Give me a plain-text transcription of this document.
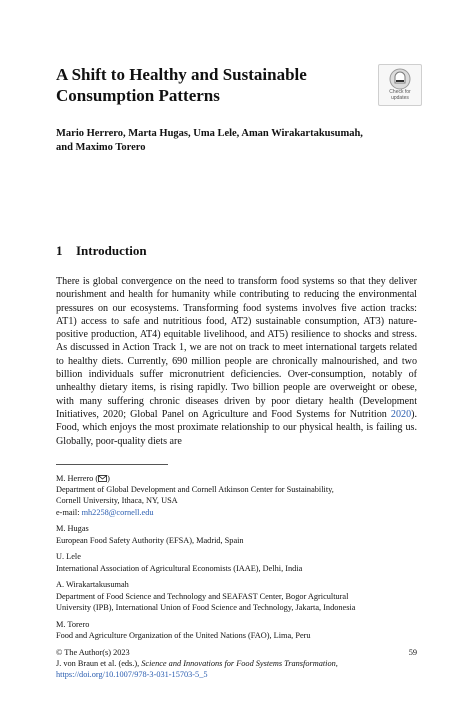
A Shift to Healthy and Sustainable
Consumption Patterns	Check for
updates
Mario Herrero, Marta Hugas, Uma Lele, Aman Wirakartakusumah,
and Maximo Torero
1 Introduction

There is global convergence on the need to transform food systems so that they deliver nourishment and health for humanity while contributing to reducing the environmental pressures on our ecosystems. Transforming food systems involves five action tracks: AT1) access to safe and nutritious food, AT2) sustainable consumption, AT3) nature-positive production, AT4) equitable livelihood, and AT5) resilience to shocks and stress. As discussed in Action Track 1, we are not on track to meet international targets related to healthy diets. Currently, 690 million people are chronically malnourished, and two billion individuals suffer micronutrient deficiencies. Over-consumption, notably of unhealthy dietary items, is rising rapidly. Two billion people are overweight or obese, with many suffering chronic diseases driven by poor dietary health (Development Initiatives, 2020; Global Panel on Agriculture and Food Systems for Nutrition 2020). Food, which enjoys the most proximate relationship to our physical health, is failing us. Globally, poor-quality diets are

M. Herrero ( )
Department of Global Development and Cornell Atkinson Center for Sustainability,
Cornell University, Ithaca, NY, USA
e-mail: mh2258@cornell.edu
M. Hugas
European Food Safety Authority (EFSA), Madrid, Spain
U. Lele
International Association of Agricultural Economists (IAAE), Delhi, India
A. Wirakartakusumah
Department of Food Science and Technology and SEAFAST Center, Bogor Agricultural
University (IPB), International Union of Food Science and Technology, Jakarta, Indonesia
M. Torero
Food and Agriculture Organization of the United Nations (FAO), Lima, Peru
© The Author(s) 2023	59
J. von Braun et al. (eds.), Science and Innovations for Food Systems Transformation,
https://doi.org/10.1007/978-3-031-15703-5_5
